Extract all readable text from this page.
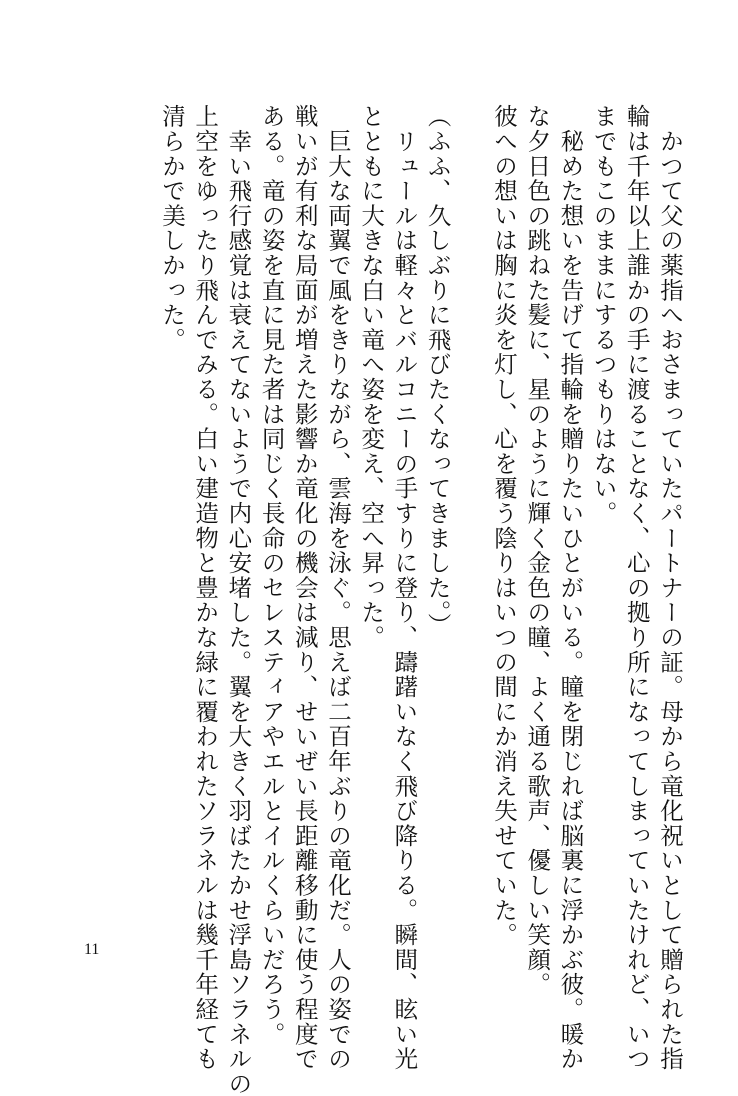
　かつて父の薬指へおさまっていたパートナーの証。母から竜化祝いとして贈られた指

輪は千年以上誰かの手に渡ることなく、心の拠り所になってしまっていたけれど、いつ

までもこのままにするつもりはない。

　秘めた想いを告げて指輪を贈りたいひとがいる。瞳を閉じれば脳裏に浮かぶ彼。暖か

な夕日色の跳ねた髪に、星のように輝く金色の瞳、よく通る歌声、優しい笑顔。

彼への想いは胸に炎を灯し、心を覆う陰りはいつの間にか消え失せていた。

（ふふ、久しぶりに飛びたくなってきました。）

　リュールは軽々とバルコニーの手すりに登り、躊躇いなく飛び降りる。瞬間、眩い光

とともに大きな白い竜へ姿を変え、空へ昇った。

　巨大な両翼で風をきりながら、雲海を泳ぐ。思えば二百年ぶりの竜化だ。人の姿での

戦いが有利な局面が増えた影響か竜化の機会は減り、せいぜい長距離移動に使う程度で

ある。竜の姿を直に見た者は同じく長命のセレスティアやエルとイルくらいだろう。

　幸い飛行感覚は衰えてないようで内心安堵した。翼を大きく羽ばたかせ浮島ソラネルの

上空をゆったり飛んでみる。白い建造物と豊かな緑に覆われたソラネルは幾千年経ても

清らかで美しかった。

11
